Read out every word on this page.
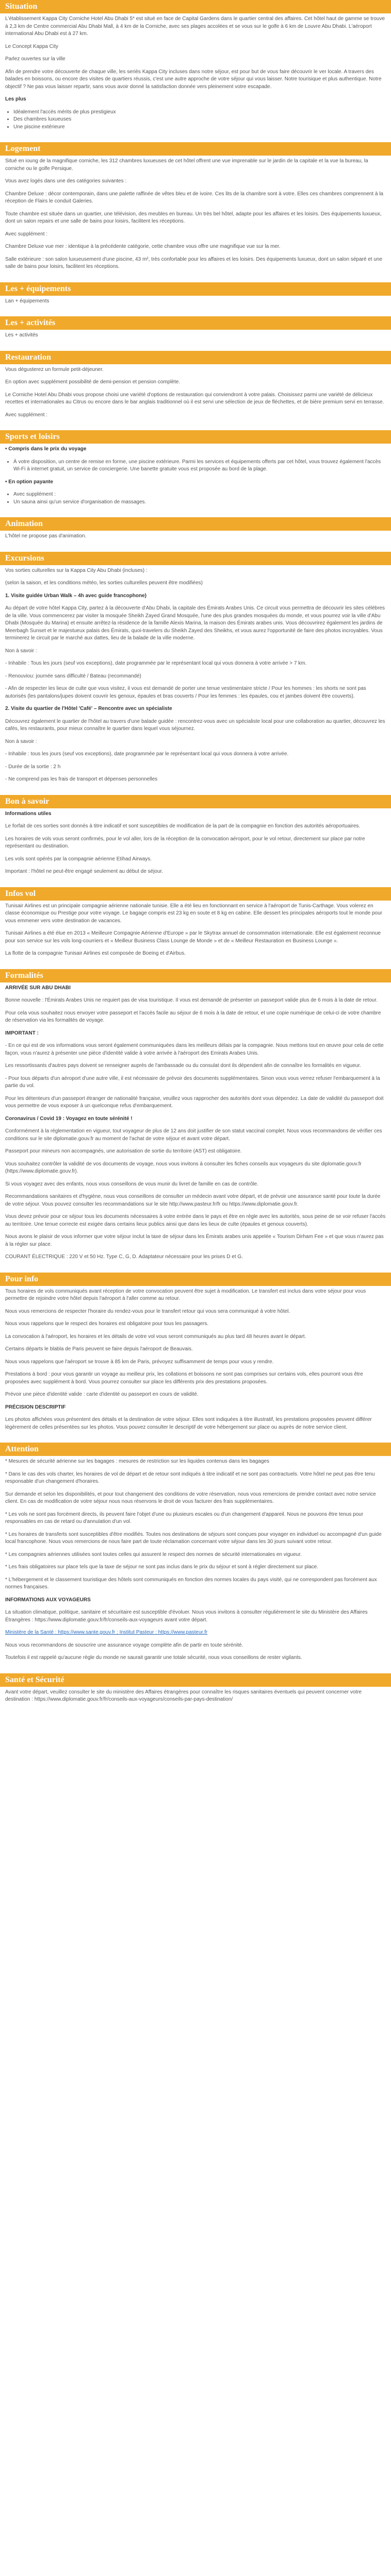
Situation

L'établissement Kappa City Corniche Hotel Abu Dhabi 5* est situé en face de Capital Gardens dans le quartier central des affaires. Cet hôtel haut de gamme se trouve à 2,3 km de Centre commercial Abu Dhabi Mall, à 4 km de la Corniche, avec ses plages accolées et se vous sur le golfe à 6 km de Louvre Abu Dhabi. L'aéroport international Abu Dhabi est à 27 km.

Le Concept Kappa City

Parlez ouvertes sur la ville

Afin de prendre votre découverte de chaque ville, les seriès Kappa City incluses dans notre séjour, est pour but de vous faire découvrir le ver locale. A travers des balades en boissons, ou encore des visites de quartiers réussis, c'est une autre approche de votre séjour qui vous laisser. Notre tourisique et plus authentique. Notre objectif ? Ne pas vous laisser repartir, sans vous avoir donné la satisfaction donnée vers pleinement votre escapade.

Les plus

• Idéalement l'accès mérits de plus prestigieux
• Des chambres luxueuses
• Une piscine extérieure
Logement

Situé en ioung de la magnifique corniche, les 312 chambres luxueuses de cet hôtel offrent une vue imprenable sur le jardin de la capitale et la vue la bureau, la corniche ou le golfe Persique.

Vous avez logés dans une des catégories suivantes :

Chambre Deluxe : décor contemporain, dans une palette raffinée de vêtes bleu et de ivoire. Ces lits de la chambre sont à votre. Elles ces chambres comprennent à la réception de Flairs le conduit Galeries.

Toute chambre est située dans un quartier, une télévision, des meubles en bureau. Un très bel hôtel, adapte pour les affaires et les loisirs. Des équipements luxueux, dont un salon repairs et une salle de bains pour loisirs, facilitent les réceptions.

Avec supplément :

Chambre Deluxe vue mer : identique à la précédente catégorie, cette chambre vous offre une magnifique vue sur la mer.

Salle extérieure : son salon luxueusement d'une piscine, 43 m², très confortable pour les affaires et les loisirs. Des équipements luxueux, dont un salon séparé et une salle de bains pour loisirs, facilitent les réceptions.

Les + équipements

Lan + équipements

Les + activités

Les + activités

Restauration

Vous dégusterez un formule petit-déjeuner.

En option avec supplément possibilité de demi-pension et pension complète.

Le Corniche Hotel Abu Dhabi vous propose choisi une variété d'options de restauration qui conviendront à votre palais. Choisissez parmi une variété de délicieux recettes et internationales au Citrus ou encore dans le bar anglais traditionnel où il est servi une sélection de jeux de fléchettes, et de bière premium servi en terrasse.

Avec supplément :

Sports et loisirs

• Compris dans le prix du voyage

• À votre disposition, un centre de remise en forme, une piscine extérieure. Parmi les services et équipements offerts par cet hôtel, vous trouvez également l'accès Wi-Fi à internet gratuit, un service de conciergerie. Une banette gratuite vous est proposée au bord de la plage.

• En option payante

• Avec supplément :
• Un sauna ainsi qu'un service d'organisation de massages.
Animation

L'hôtel ne propose pas d'animation.

Excursions

Vos sorties culturelles sur la Kappa City Abu Dhabi (incluses) :

(selon la saison, et les conditions météo, les sorties culturelles peuvent être modifiées)

1. Visite guidée Urban Walk – 4h avec guide francophone)

Au départ de votre hôtel Kappa City, partez à la découverte d'Abu Dhabi, la capitale des Émirats Arabes Unis. Ce circuit vous permettra de découvrir les sites célèbres de la ville. Vous commencerez par visiter la mosquée Sheikh Zayed Grand Mosquée, l'une des plus grandes mosquées du monde, et vous pourrez voir la ville d'Abu Dhabi (Mosquée du Marina) et ensuite arrêtez-la résidence de la famille Alexis Marina, la maison des Émirats arabes unis. Vous découvrirez également les jardins de Meerbagh Sunset et le majestueux palais des Émirats, quoi-travelers du Sheikh Zayed des Sheikhs, et vous aurez l'opportunité de faire des photos incroyables. Vous terminerez le circuit par le marché aux dattes, lieu de la balade de la ville moderne.

Non à savoir :

- Inhabile : Tous les jours (seuf vos exceptions), date programmée par le représentant local qui vous donnera à votre arrivée > 7 km.

- Renouviou: journée sans difficulté / Bateau (recommandé)

- Afin de respecter les lieux de culte que vous visitez, il vous est demandé de porter une tenue vestimentaire stricte / Pour les hommes : les shorts ne sont pas autorisés (les pantalons/jupes doivent couvrir les genoux, épaules et bras couverts / Pour les femmes : les épaules, cou et jambes doivent être couverts).

2. Visite du quartier de l'Hôtel 'Café' – Rencontre avec un spécialiste

Découvrez également le quartier de l'hôtel au travers d'une balade guidée : rencontrez-vous avec un spécialiste local pour une collaboration au quartier, découvrez les cafés, les restaurants, pour mieux connaître le quartier dans lequel vous séjournez.

Non à savoir :

- Inhabile : tous les jours (seuf vos exceptions), date programmée par le représentant local qui vous donnera à votre arrivée.

- Durée de la sortie : 2 h

- Ne comprend pas les frais de transport et dépenses personnelles

Bon à savoir

Informations utiles

Le forfait de ces sorties sont donnés à titre indicatif et sont susceptibles de modification de la part de la compagnie en fonction des autorités aéroportuaires.

Les horaires de vols vous seront confirmés, pour le vol aller, lors de la réception de la convocation aéroport, pour le vol retour, directement sur place par notre représentant ou destination.

Les vols sont opérés par la compagnie aérienne Etihad Airways.

Important : l'hôtel ne peut-être engagé seulement au début de séjour.

Infos vol

Tunisair Airlines est un principale compagnie aérienne nationale tunisie. Elle a été lieu en fonctionnant en service à l'aéroport de Tunis-Carthage. Vous volerez en classe économique ou Prestige pour votre voyage. Le bagage compris est 23 kg en soute et 8 kg en cabine. Elle dessert les principales aéroports tout le monde pour vous emmener vers votre destination de vacances.

Tunisair Airlines a été élue en 2013 « Meilleure Compagnie Aérienne d'Europe » par le Skytrax annuel de consommation internationale. Elle est également reconnue pour son service sur les vols long-courriers et « Meilleur Business Class Lounge de Monde » et de « Meilleur Restauration en Business Lounge ».

La flotte de la compagnie Tunisair Airlines est composée de Boeing et d'Airbus.

Formalités

ARRIVÉE SUR ABU DHABI

Bonne nouvelle : l'Émirats Arabes Unis ne requiert pas de visa touristique. Il vous est demandé de présenter un passeport valide plus de 6 mois à la date de retour.

Pour cela vous souhaitez nous envoyer votre passeport et l'accès facile au séjour de 6 mois à la date de retour, et une copie numérique de celui-ci de votre chambre de réservation via les formalités de voyage.

IMPORTANT :

- En ce qui est de vos informations vous seront également communiquées dans les meilleurs délais par la compagnie. Nous mettons tout en œuvre pour cela de cette façon, vous n'aurez à présenter une pièce d'identité valide à votre arrivée à l'aéroport des Emirats Arabes Unis.

Les ressortissants d'autres pays doivent se renseigner auprès de l'ambassade ou du consulat dont ils dépendent afin de connaître les formalités en vigueur.

- Pour tous départs d'un aéroport d'une autre ville, il est nécessaire de prévoir des documents supplémentaires. Sinon vous vous verrez refuser l'embarquement à la partie du vol.

Pour les détenteurs d'un passeport étranger de nationalité française, veuillez vous rapprocher des autorités dont vous dépendez. La date de validité du passeport doit vous permettre de vous exposer à un quelconque refus d'embarquement.

Coronavirus / Covid 19 : Voyagez en toute sérénité !

Conformément à la réglementation en vigueur, tout voyageur de plus de 12 ans doit justifier de son statut vaccinal complet. Nous vous recommandons de vérifier ces conditions sur le site diplomatie.gouv.fr au moment de l'achat de votre séjour et avant votre départ.

Passeport pour mineurs non accompagnés, une autorisation de sortie du territoire (AST) est obligatoire.

Vous souhaitez contrôler la validité de vos documents de voyage, nous vous invitons à consulter les fiches conseils aux voyageurs du site diplomatie.gouv.fr (https://www.diplomatie.gouv.fr).

Si vous voyagez avec des enfants, nous vous conseillons de vous munir du livret de famille en cas de contrôle.

Recommandations sanitaires et d'hygiène, nous vous conseillons de consulter un médecin avant votre départ, et de prévoir une assurance santé pour toute la durée de votre séjour. Vous pouvez consulter les recommandations sur le site http://www.pasteur.fr/fr ou https://www.diplomatie.gouv.fr.

Vous devez prévoir pour ce séjour tous les documents nécessaires à votre entrée dans le pays et être en règle avec les autorités, sous peine de se voir refuser l'accès au territoire. Une tenue correcte est exigée dans certains lieux publics ainsi que dans les lieux de culte (épaules et genoux couverts).

Nous avons le plaisir de vous informer que votre séjour inclut la taxe de séjour dans les Émirats arabes unis appelée « Tourism Dirham Fee » et que vous n'aurez pas à la régler sur place.

COURANT ÉLECTRIQUE : 220 V et 50 Hz. Type C, G, D. Adaptateur nécessaire pour les prises D et G.

Pour info

Tous horaires de vols communiqués avant réception de votre convocation peuvent être sujet à modification. Le transfert est inclus dans votre séjour pour vous permettre de rejoindre votre hôtel depuis l'aéroport à l'aller comme au retour.

Nous vous remercions de respecter l'horaire du rendez-vous pour le transfert retour qui vous sera communiqué à votre hôtel.

Nous vous rappelons que le respect des horaires est obligatoire pour tous les passagers.

La convocation à l'aéroport, les horaires et les détails de votre vol vous seront communiqués au plus tard 48 heures avant le départ.

Certains départs le blabla de Paris peuvent se faire depuis l'aéroport de Beauvais.

Nous vous rappelons que l'aéroport se trouve à 85 km de Paris, prévoyez suffisamment de temps pour vous y rendre.

Prestations à bord : pour vous garantir un voyage au meilleur prix, les collations et boissons ne sont pas comprises sur certains vols, elles pourront vous être proposées avec supplément à bord. Vous pourrez consulter sur place les différents prix des prestations proposées.

Prévoir une pièce d'identité valide : carte d'identité ou passeport en cours de validité.

PRÉCISION DESCRIPTIF

Les photos affichées vous présentent des détails et la destination de votre séjour. Elles sont indiquées à titre illustratif, les prestations proposées peuvent différer légèrement de celles présentées sur les photos. Vous pouvez consulter le descriptif de votre hébergement sur place ou auprès de notre service client.

Attention

* Mesures de sécurité aérienne sur les bagages : mesures de restriction sur les liquides contenus dans les bagages

* Dans le cas des vols charter, les horaires de vol de départ et de retour sont indiqués à titre indicatif et ne sont pas contractuels. Votre hôtel ne peut pas être tenu responsable d'un changement d'horaires.

Sur demande et selon les disponibilités, et pour tout changement des conditions de votre réservation, nous vous remercions de prendre contact avec notre service client. En cas de modification de votre séjour nous nous réservons le droit de vous facturer des frais supplémentaires.

* Les vols ne sont pas forcément directs, ils peuvent faire l'objet d'une ou plusieurs escales ou d'un changement d'appareil. Nous ne pouvons être tenus pour responsables en cas de retard ou d'annulation d'un vol.

* Les horaires de transferts sont susceptibles d'être modifiés. Toutes nos destinations de séjours sont conçues pour voyager en individuel ou accompagné d'un guide local francophone. Nous vous remercions de nous faire part de toute réclamation concernant votre séjour dans les 30 jours suivant votre retour.

* Les compagnies aériennes utilisées sont toutes celles qui assurent le respect des normes de sécurité internationales en vigueur.

* Les frais obligatoires sur place tels que la taxe de séjour ne sont pas inclus dans le prix du séjour et sont à régler directement sur place.

* L'hébergement et le classement touristique des hôtels sont communiqués en fonction des normes locales du pays visité, qui ne correspondent pas forcément aux normes françaises.

INFORMATIONS AUX VOYAGEURS

La situation climatique, politique, sanitaire et sécuritaire est susceptible d'évoluer. Nous vous invitons à consulter régulièrement le site du Ministère des Affaires Étrangères : https://www.diplomatie.gouv.fr/fr/conseils-aux-voyageurs avant votre départ.

Ministère de la Santé : https://www.sante.gouv.fr ; Institut Pasteur : https://www.pasteur.fr

Nous vous recommandons de souscrire une assurance voyage complète afin de partir en toute sérénité.

Toutefois il est rappelé qu'aucune règle du monde ne saurait garantir une totale sécurité, nous vous conseillons de rester vigilants.

Santé et Sécurité

Avant votre départ, veuillez consulter le site du ministère des Affaires étrangères pour connaître les risques sanitaires éventuels qui peuvent concerner votre destination : https://www.diplomatie.gouv.fr/fr/conseils-aux-voyageurs/conseils-par-pays-destination/
